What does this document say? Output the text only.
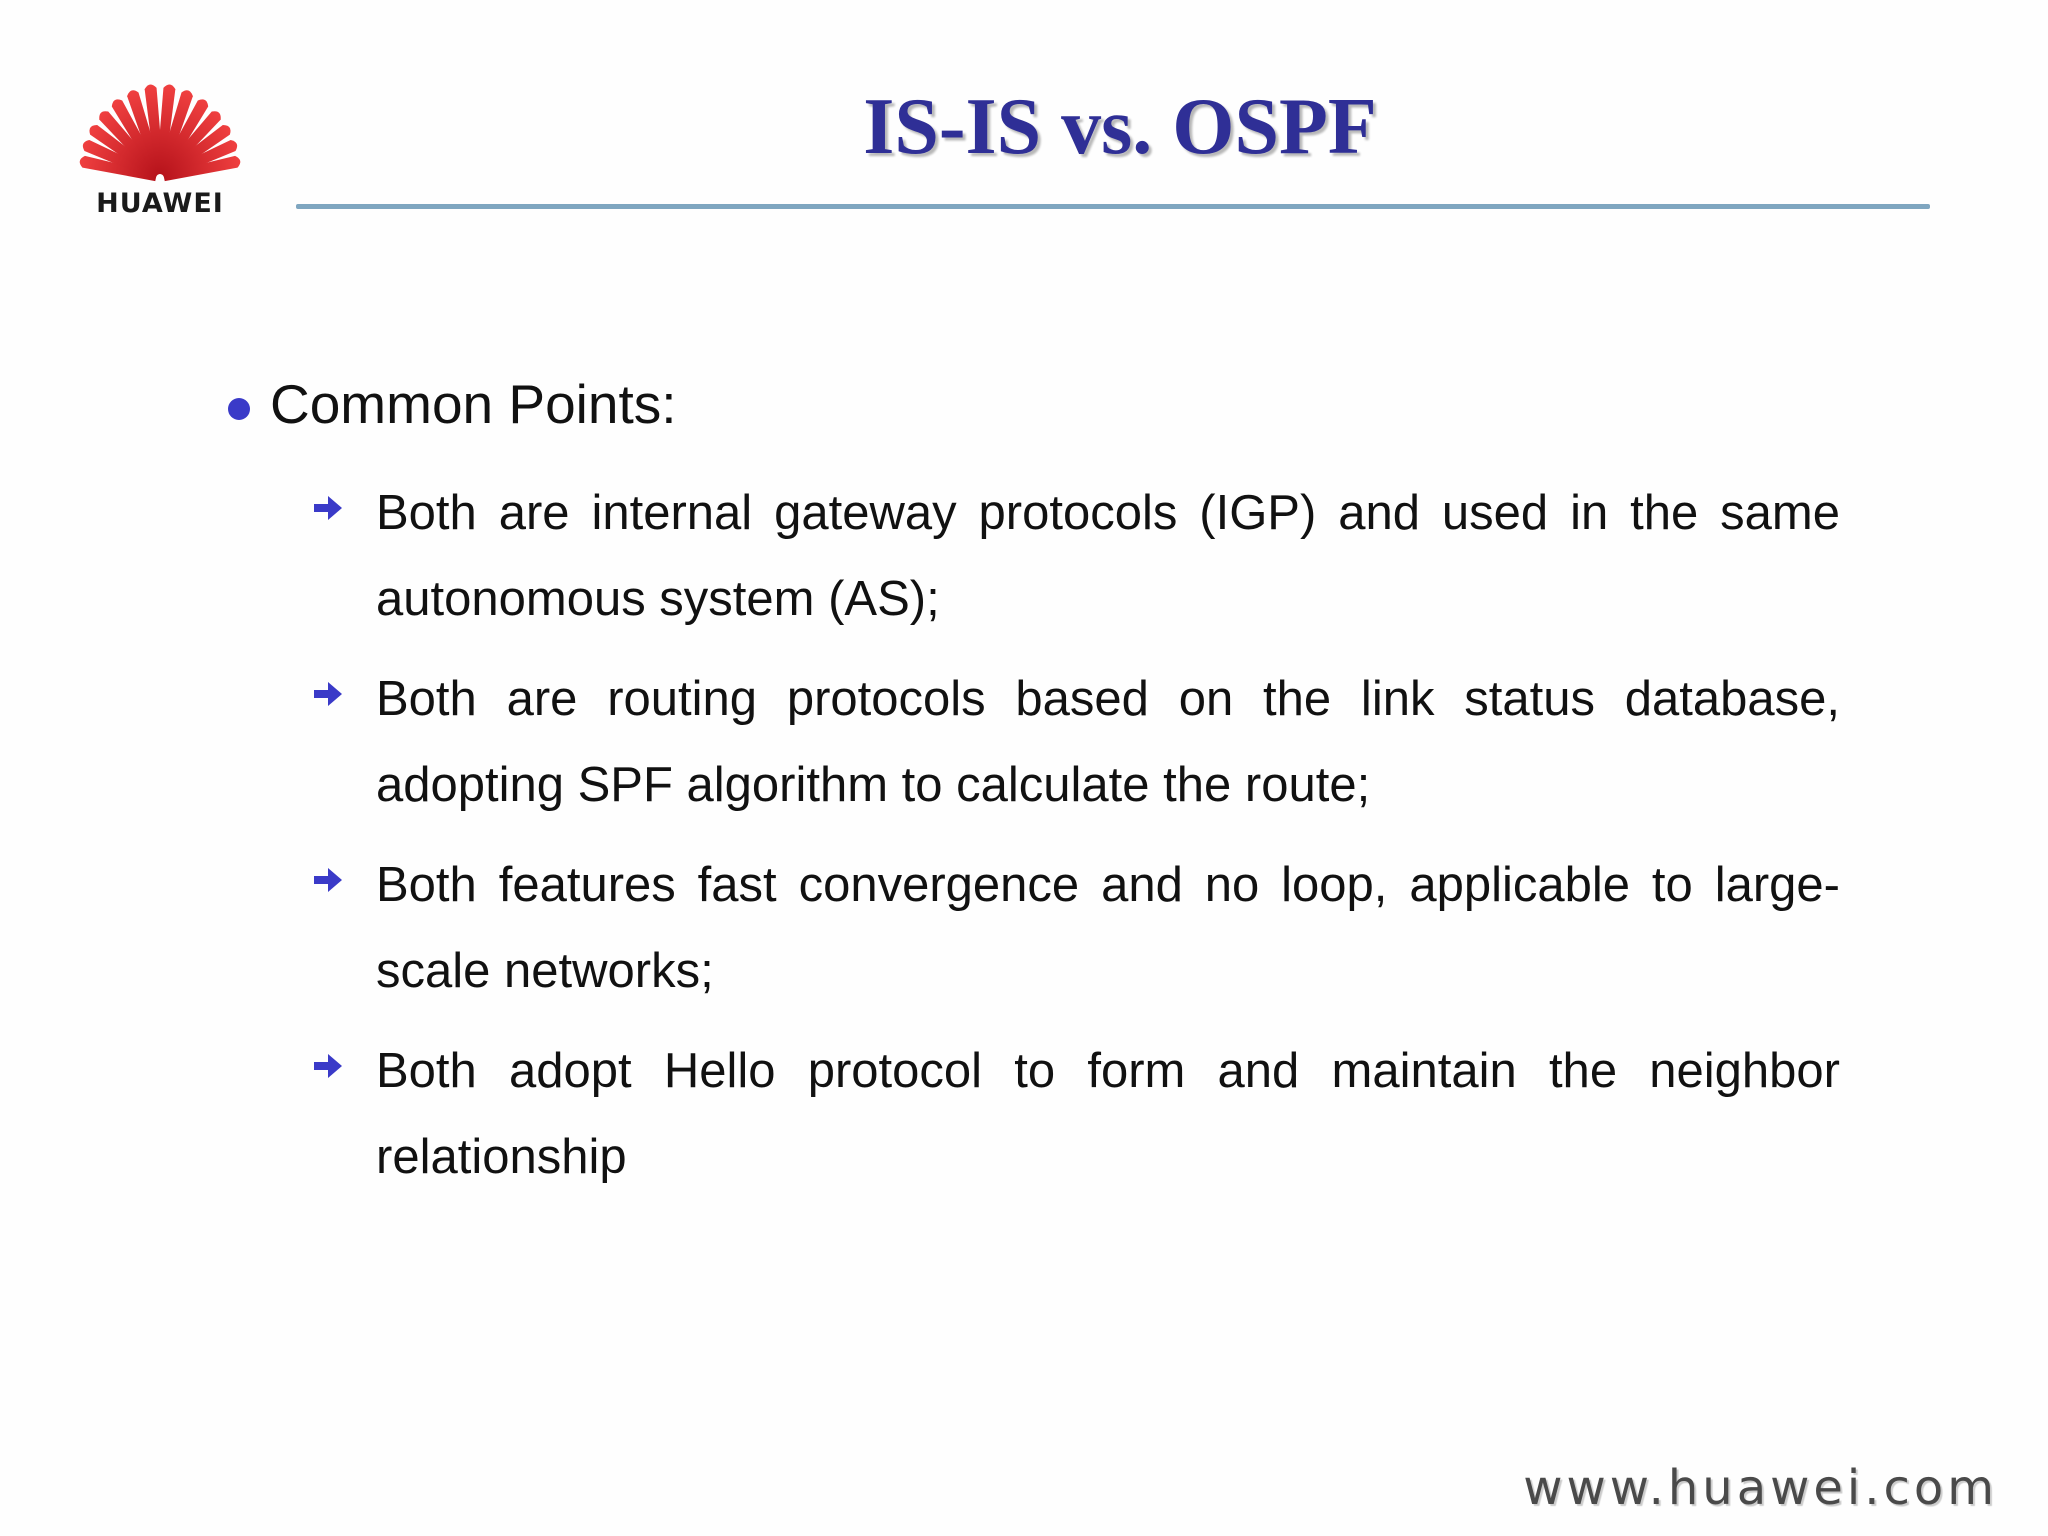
HUAWEI
IS-IS vs. OSPF
Common Points:
Both are internal gateway protocols (IGP) and used in the same autonomous system (AS);
Both are routing protocols based on the link status database, adopting SPF algorithm to calculate the route;
Both features fast convergence and no loop, applicable to large-scale networks;
Both adopt Hello protocol to form and maintain the neighbor relationship
www.huawei.com
